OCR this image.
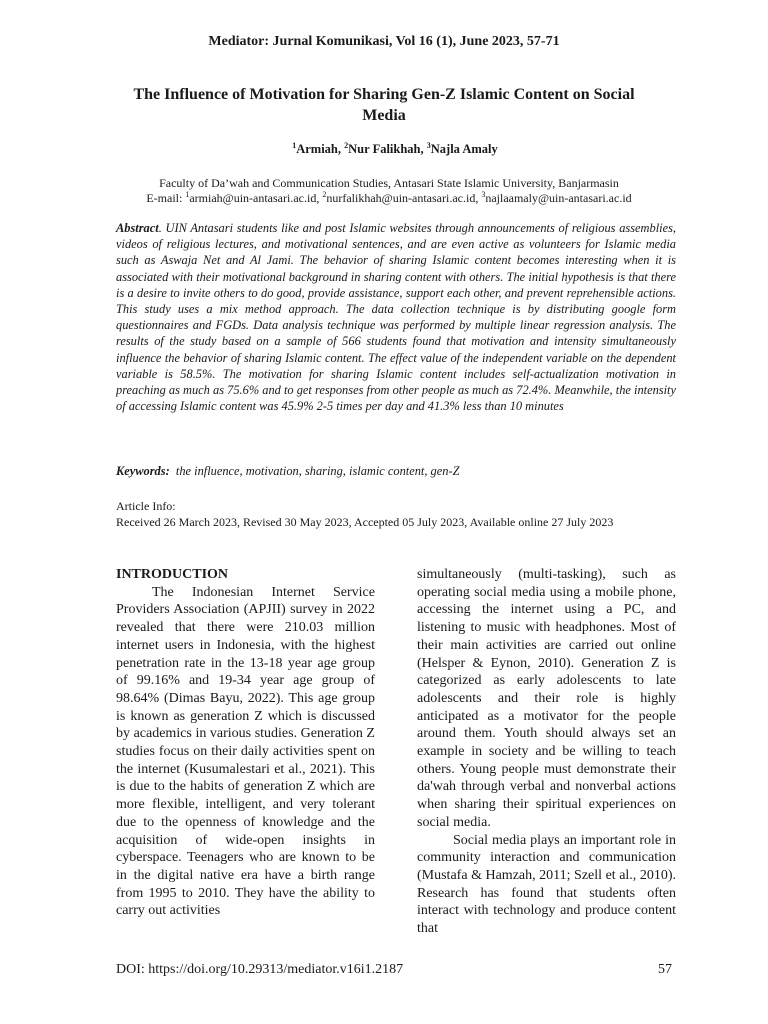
Mediator: Jurnal Komunikasi, Vol 16 (1), June 2023, 57-71
The Influence of Motivation for Sharing Gen-Z Islamic Content on Social Media
$^1$Armiah, $^2$Nur Falikhah, $^3$Najla Amaly
Faculty of Da’wah and Communication Studies, Antasari State Islamic University, Banjarmasin
E-mail: $^1$armiah@uin-antasari.ac.id, $^2$nurfalikhah@uin-antasari.ac.id, $^3$najlaamaly@uin-antasari.ac.id
Abstract. UIN Antasari students like and post Islamic websites through announcements of religious assemblies, videos of religious lectures, and motivational sentences, and are even active as volunteers for Islamic media such as Aswaja Net and Al Jami. The behavior of sharing Islamic content becomes interesting when it is associated with their motivational background in sharing content with others. The initial hypothesis is that there is a desire to invite others to do good, provide assistance, support each other, and prevent reprehensible actions. This study uses a mix method approach. The data collection technique is by distributing google form questionnaires and FGDs. Data analysis technique was performed by multiple linear regression analysis. The results of the study based on a sample of 566 students found that motivation and intensity simultaneously influence the behavior of sharing Islamic content. The effect value of the independent variable on the dependent variable is 58.5%. The motivation for sharing Islamic content includes self-actualization motivation in preaching as much as 75.6% and to get responses from other people as much as 72.4%. Meanwhile, the intensity of accessing Islamic content was 45.9% 2-5 times per day and 41.3% less than 10 minutes
Keywords: the influence, motivation, sharing, islamic content, gen-Z
Article Info:
Received 26 March 2023, Revised 30 May 2023, Accepted 05 July 2023, Available online 27 July 2023
INTRODUCTION

The Indonesian Internet Service Providers Association (APJII) survey in 2022 revealed that there were 210.03 million internet users in Indonesia, with the highest penetration rate in the 13-18 year age group of 99.16% and 19-34 year age group of 98.64% (Dimas Bayu, 2022). This age group is known as generation Z which is discussed by academics in various studies. Generation Z studies focus on their daily activities spent on the internet (Kusumalestari et al., 2021). This is due to the habits of generation Z which are more flexible, intelligent, and very tolerant due to the openness of knowledge and the acquisition of wide-open insights in cyberspace. Teenagers who are known to be in the digital native era have a birth range from 1995 to 2010. They have the ability to carry out activities

simultaneously (multi-tasking), such as operating social media using a mobile phone, accessing the internet using a PC, and listening to music with headphones. Most of their main activities are carried out online (Helsper & Eynon, 2010). Generation Z is categorized as early adolescents to late adolescents and their role is highly anticipated as a motivator for the people around them. Youth should always set an example in society and be willing to teach others. Young people must demonstrate their da'wah through verbal and nonverbal actions when sharing their spiritual experiences on social media.

Social media plays an important role in community interaction and communication (Mustafa & Hamzah, 2011; Szell et al., 2010). Research has found that students often interact with technology and produce content that

DOI: https://doi.org/10.29313/mediator.v16i1.2187	57
